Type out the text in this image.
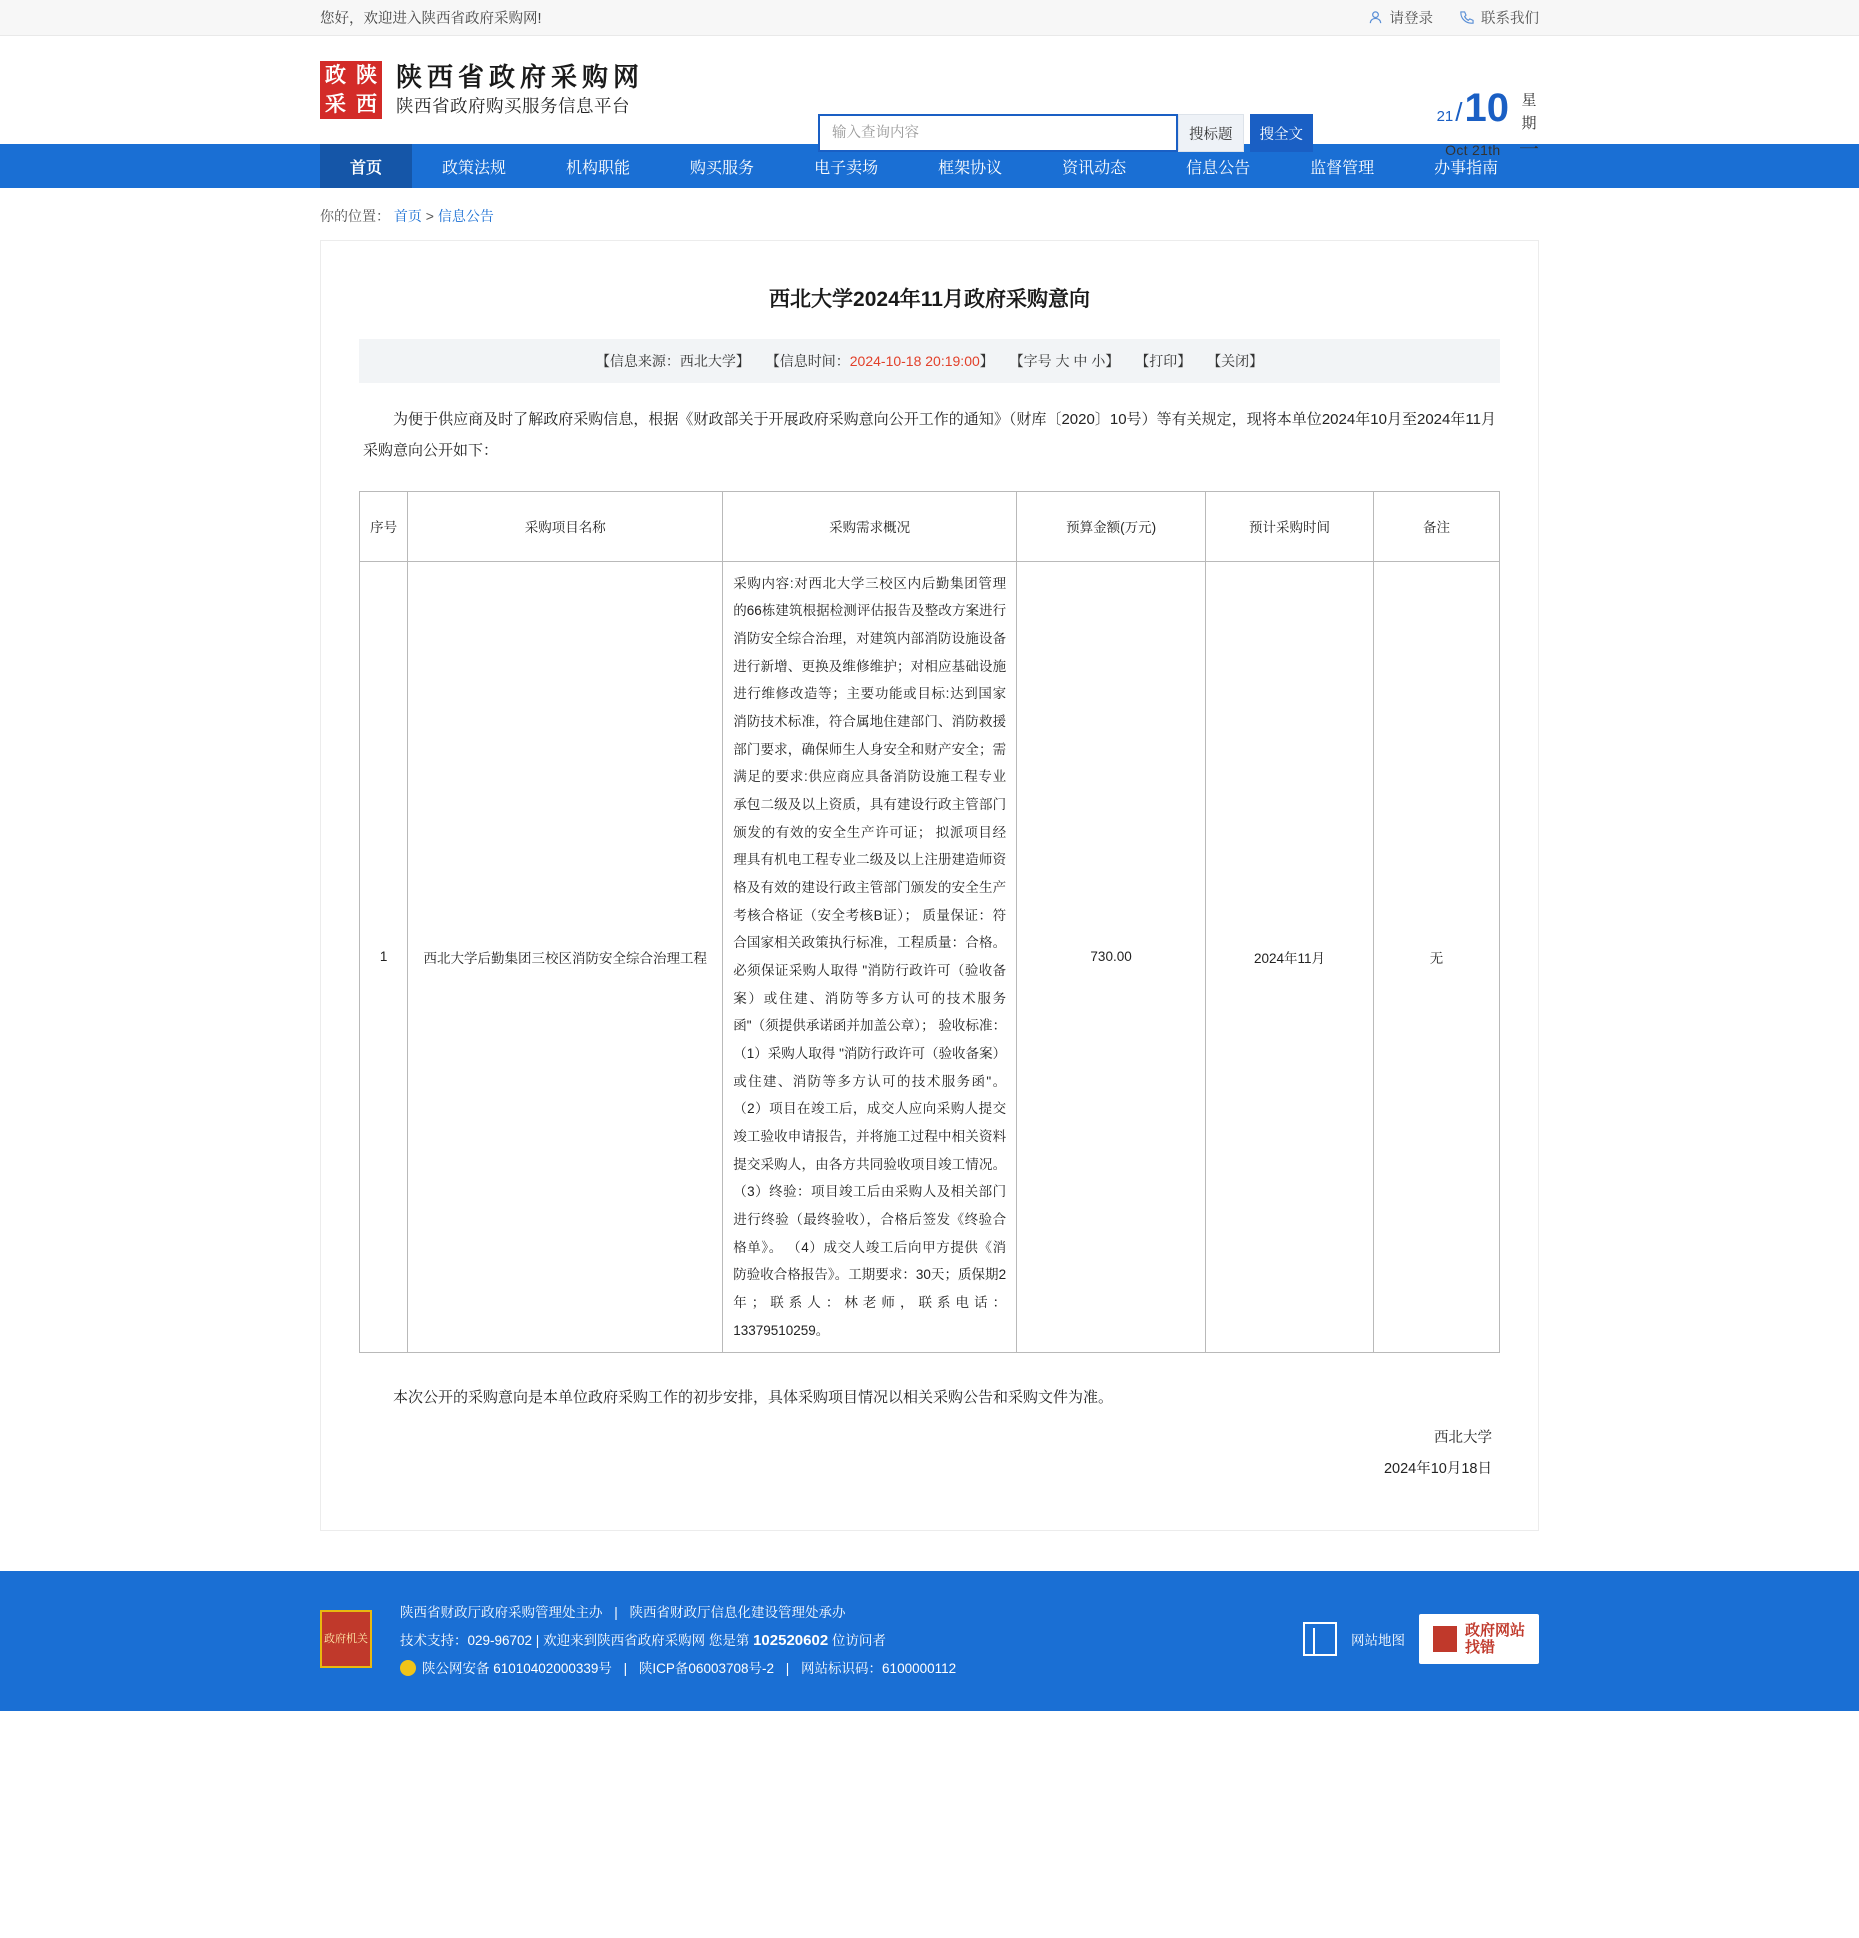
您好，欢迎进入陕西省政府采购网!	请登录	联系我们
政 陕
采 西
陕西省政府采购网
陕西省政府购买服务信息平台
输入查询内容
搜标题	搜全文
21/10
Oct 21th
星
期
一
首页	政策法规	机构职能	购买服务	电子卖场	框架协议	资讯动态	信息公告	监督管理	办事指南
你的位置： 首页 > 信息公告
西北大学2024年11月政府采购意向
【信息来源：西北大学】 【信息时间：2024-10-18 20:19:00】 【字号 大 中 小】 【打印】 【关闭】
为便于供应商及时了解政府采购信息，根据《财政部关于开展政府采购意向公开工作的通知》（财库〔2020〕10号）等有关规定，现将本单位2024年10月至2024年11月采购意向公开如下：
序号	采购项目名称	采购需求概况	预算金额(万元)	预计采购时间	备注
1	西北大学后勤集团三校区消防安全综合治理工程	采购内容:对西北大学三校区内后勤集团管理的66栋建筑根据检测评估报告及整改方案进行消防安全综合治理，对建筑内部消防设施设备进行新增、更换及维修维护；对相应基础设施进行维修改造等；主要功能或目标:达到国家消防技术标准，符合属地住建部门、消防救援部门要求，确保师生人身安全和财产安全；需满足的要求:供应商应具备消防设施工程专业承包二级及以上资质，具有建设行政主管部门颁发的有效的安全生产许可证； 拟派项目经理具有机电工程专业二级及以上注册建造师资格及有效的建设行政主管部门颁发的安全生产考核合格证（安全考核B证）； 质量保证：符合国家相关政策执行标准，工程质量：合格。必须保证采购人取得 "消防行政许可（验收备案）或住建、消防等多方认可的技术服务函"（须提供承诺函并加盖公章）； 验收标准： （1）采购人取得 "消防行政许可（验收备案）或住建、消防等多方认可的技术服务函"。 （2）项目在竣工后，成交人应向采购人提交竣工验收申请报告，并将施工过程中相关资料提交采购人，由各方共同验收项目竣工情况。 （3）终验：项目竣工后由采购人及相关部门进行终验（最终验收），合格后签发《终验合格单》。 （4）成交人竣工后向甲方提供《消防验收合格报告》。工期要求：30天；质保期2年；联系人：林老师，联系电话：13379510259。	730.00	2024年11月	无
本次公开的采购意向是本单位政府采购工作的初步安排，具体采购项目情况以相关采购公告和采购文件为准。
西北大学
2024年10月18日
政府机关
陕西省财政厅政府采购管理处主办 | 陕西省财政厅信息化建设管理处承办
技术支持：029-96702 | 欢迎来到陕西省政府采购网 您是第 102520602 位访问者
陕公网安备 61010402000339号 | 陕ICP备06003708号-2 | 网站标识码：6100000112
网站地图
政府网站
找错
